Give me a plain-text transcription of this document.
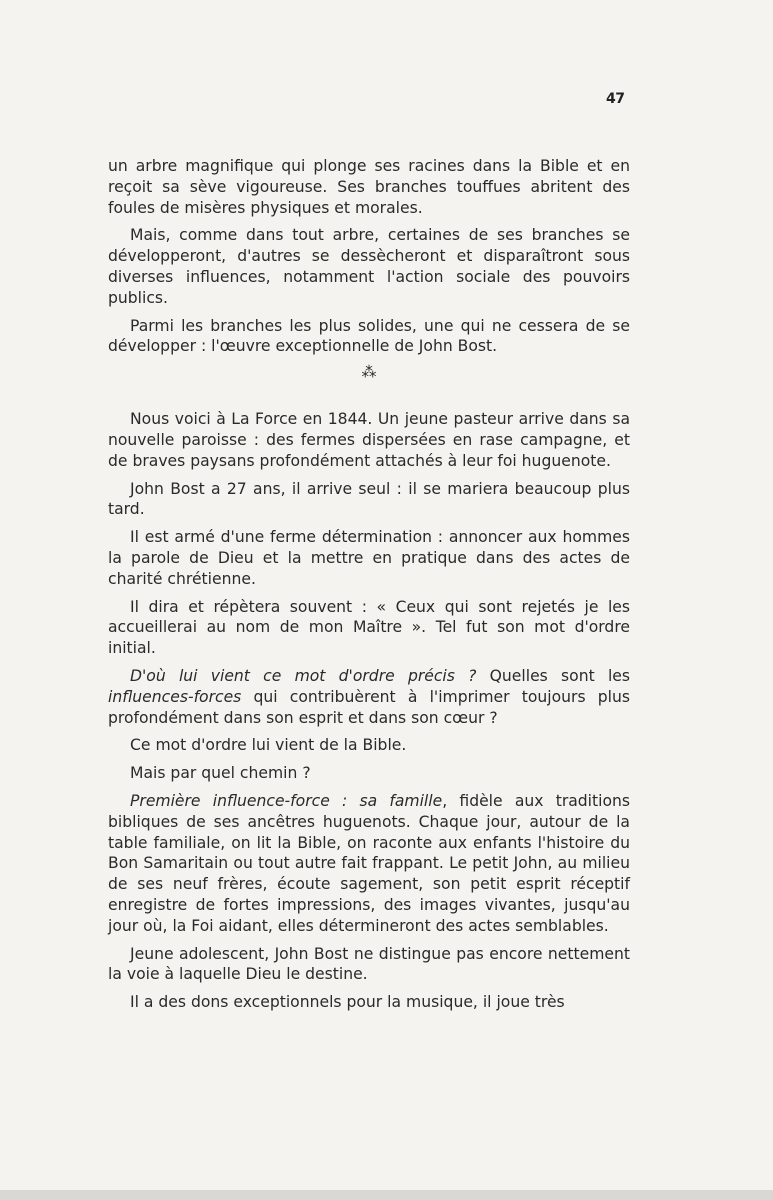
47

un arbre magnifique qui plonge ses racines dans la Bible et en reçoit sa sève vigoureuse. Ses branches touffues abritent des foules de misères physiques et morales.

Mais, comme dans tout arbre, certaines de ses branches se développeront, d'autres se dessècheront et disparaîtront sous diverses influences, notamment l'action sociale des pouvoirs publics.

Parmi les branches les plus solides, une qui ne cessera de se développer : l'œuvre exceptionnelle de John Bost.

⁂

Nous voici à La Force en 1844. Un jeune pasteur arrive dans sa nouvelle paroisse : des fermes dispersées en rase campagne, et de braves paysans profondément attachés à leur foi huguenote.

John Bost a 27 ans, il arrive seul : il se mariera beaucoup plus tard.

Il est armé d'une ferme détermination : annoncer aux hommes la parole de Dieu et la mettre en pratique dans des actes de charité chrétienne.

Il dira et répètera souvent : « Ceux qui sont rejetés je les accueillerai au nom de mon Maître ». Tel fut son mot d'ordre initial.

D'où lui vient ce mot d'ordre précis ? Quelles sont les influences-forces qui contribuèrent à l'imprimer toujours plus profondément dans son esprit et dans son cœur ?

Ce mot d'ordre lui vient de la Bible.

Mais par quel chemin ?

Première influence-force : sa famille, fidèle aux traditions bibliques de ses ancêtres huguenots. Chaque jour, autour de la table familiale, on lit la Bible, on raconte aux enfants l'histoire du Bon Samaritain ou tout autre fait frappant. Le petit John, au milieu de ses neuf frères, écoute sagement, son petit esprit réceptif enregistre de fortes impressions, des images vivantes, jusqu'au jour où, la Foi aidant, elles détermineront des actes semblables.

Jeune adolescent, John Bost ne distingue pas encore nettement la voie à laquelle Dieu le destine.

Il a des dons exceptionnels pour la musique, il joue très
